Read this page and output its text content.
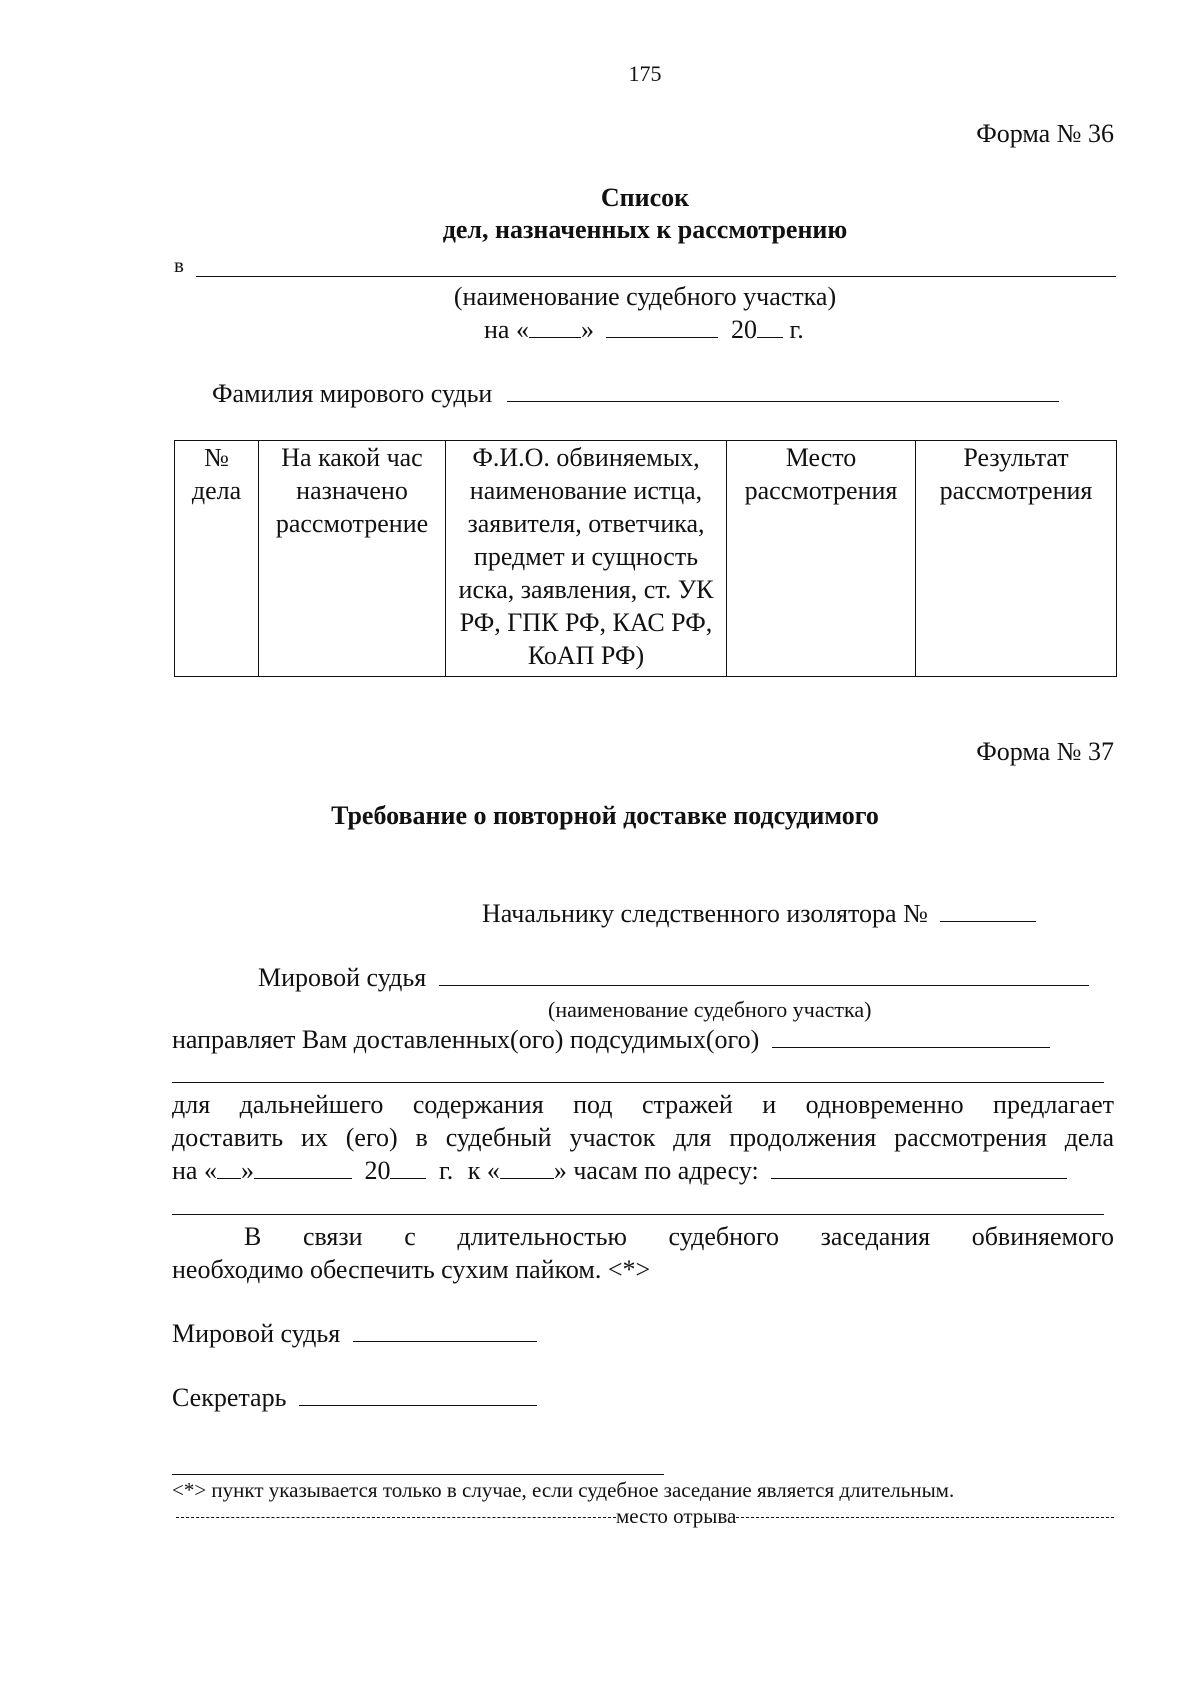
175
Форма № 36
Список
дел, назначенных к рассмотрению
в
(наименование судебного участка)
на « »	20 г.
Фамилия мирового судьи
№ дела	На какой час назначено рассмотрение	Ф.И.О. обвиняемых, наименование истца, заявителя, ответчика, предмет и сущность иска, заявления, ст. УК РФ, ГПК РФ, КАС РФ, КоАП РФ)	Место рассмотрения	Результат рассмотрения
Форма № 37
Требование о повторной доставке подсудимого
Начальнику следственного изолятора №
Мировой судья
(наименование судебного участка)
направляет Вам доставленных(ого) подсудимых(ого)
для дальнейшего содержания под стражей и одновременно предлагает
доставить их (его) в судебный участок для продолжения рассмотрения дела
на « »	20 г. к « » часам по адресу:
В связи с длительностью судебного заседания обвиняемого
необходимо обеспечить сухим пайком. <*>
Мировой судья
Секретарь
<*> пункт указывается только в случае, если судебное заседание является длительным.
место отрыва
